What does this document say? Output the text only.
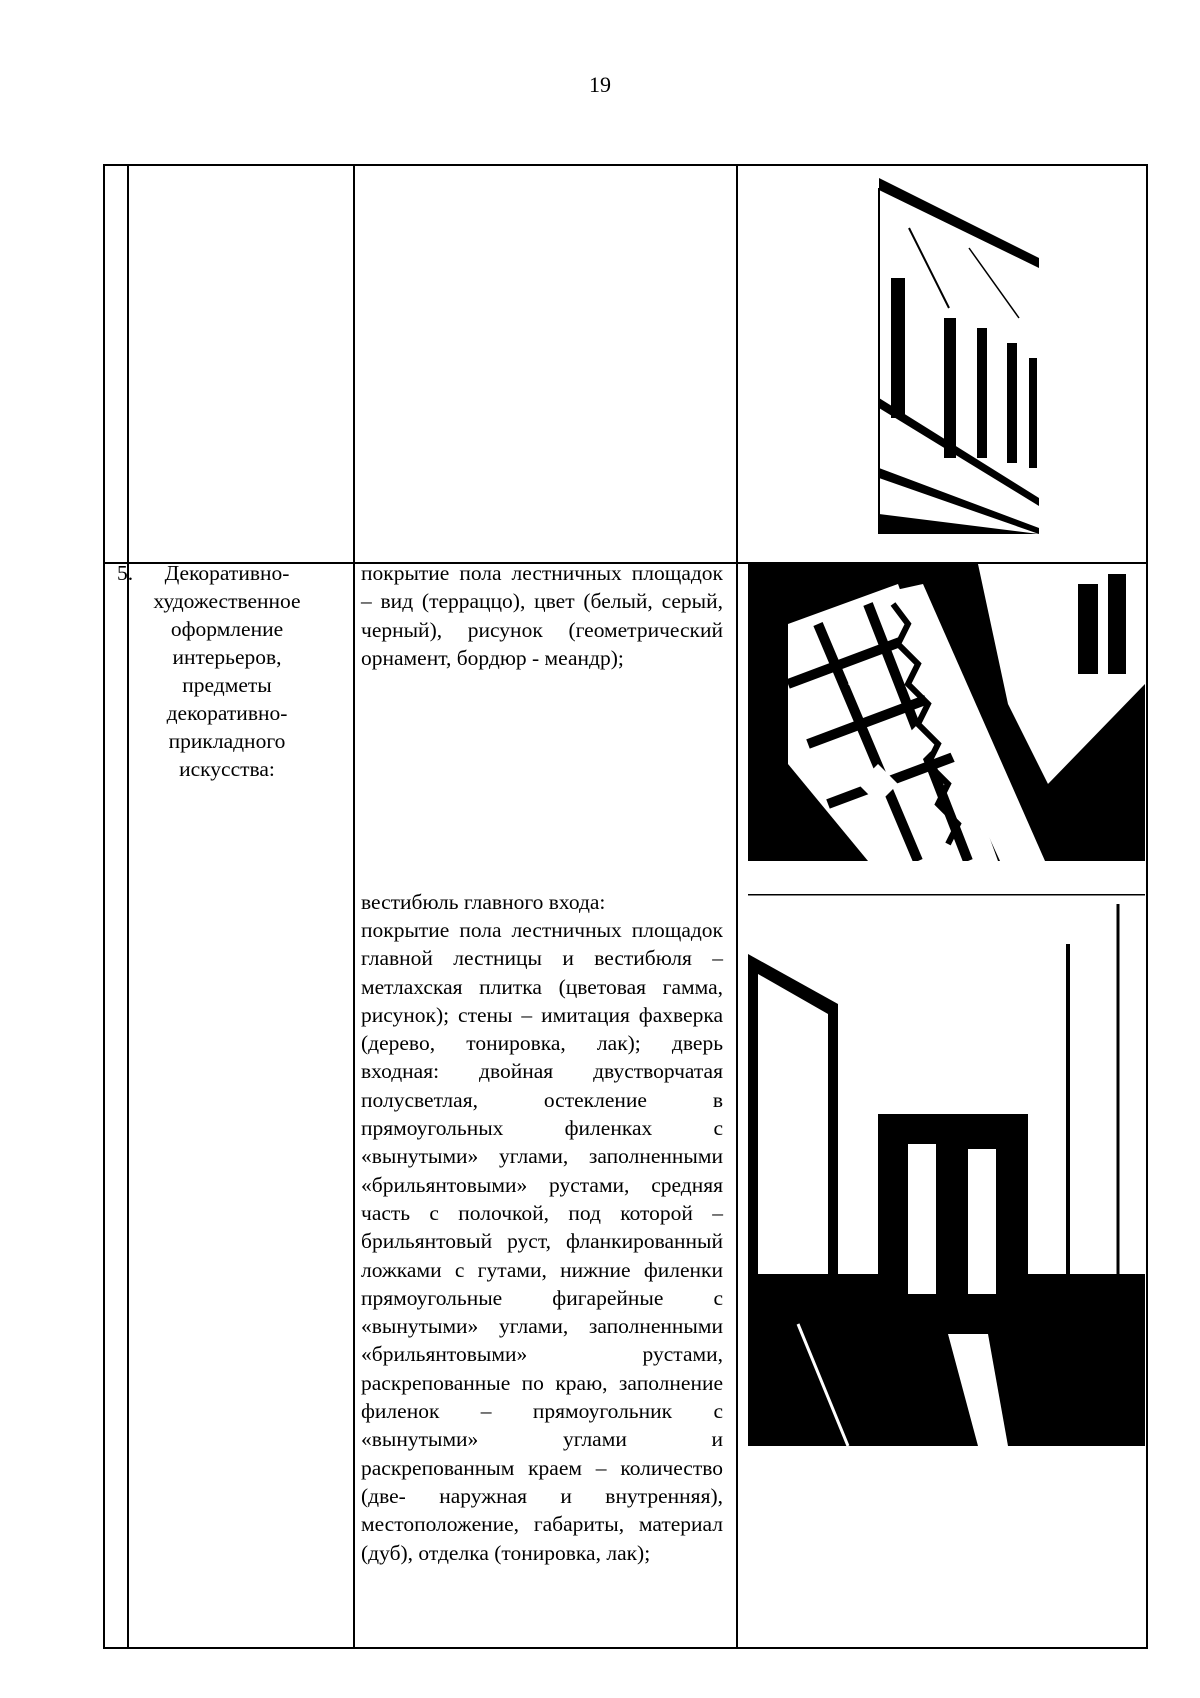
19
5.	Декоративно-художественное оформление интерьеров, предметы декоративно-прикладного искусства:
покрытие пола лестничных площадок – вид (терраццо), цвет (белый, серый, черный), рисунок (геометрический орнамент, бордюр - меандр);
вестибюль главного входа:
покрытие пола лестничных площадок главной лестницы и вестибюля – метлахская плитка (цветовая гамма, рисунок); стены – имитация фахверка (дерево, тонировка, лак); дверь входная: двойная двустворчатая полусветлая, остекление в прямоугольных филенках с «вынутыми» углами, заполненными «брильянтовыми» рустами, средняя часть с полочкой, под которой – брильянтовый руст, фланкированный ложками с гутами, нижние филенки прямоугольные фигарейные с «вынутыми» углами, заполненными «брильянтовыми» рустами, раскрепованные по краю, заполнение филенок – прямоугольник с «вынутыми» углами и раскрепованным краем – количество (две- наружная и внутренняя), местоположение, габариты, материал (дуб), отделка (тонировка, лак);
